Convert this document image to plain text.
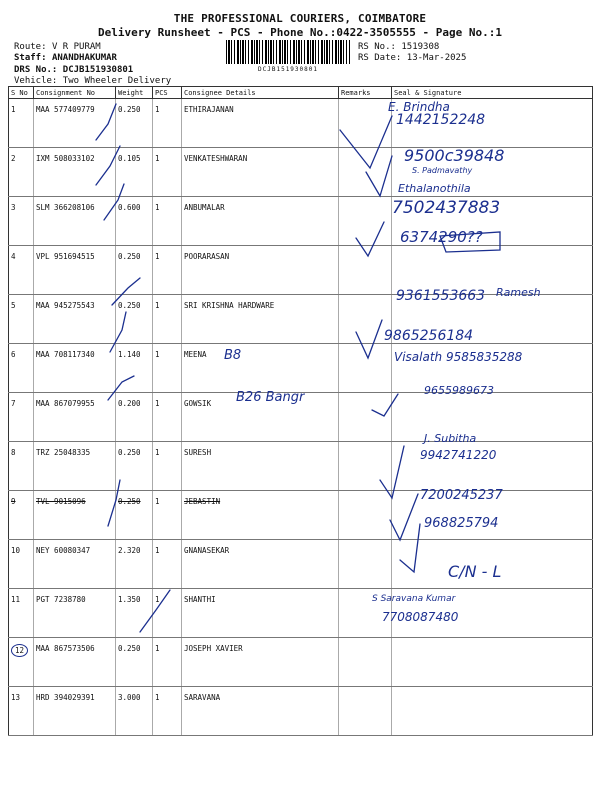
THE PROFESSIONAL COURIERS, COIMBATORE
Delivery Runsheet - PCS - Phone No.:0422-3505555 - Page No.:1
Route: V R PURAM
Staff: ANANDHAKUMAR
DRS No.: DCJB151930801
Vehicle: Two Wheeler Delivery
DCJB151930801
RS No.: 1519308
RS Date: 13-Mar-2025
S No	Consignment No	Weight	PCS	Consignee Details	Remarks	Seal & Signature
1	MAA 577409779	0.250	1	ETHIRAJANAN		
2	IXM 508033102	0.105	1	VENKATESHWARAN		
3	SLM 366208106	0.600	1	ANBUMALAR		
4	VPL 951694515	0.250	1	POORARASAN		
5	MAA 945275543	0.250	1	SRI KRISHNA HARDWARE		
6	MAA 708117340	1.140	1	MEENA		
7	MAA 867079955	0.200	1	GOWSIK		
8	TRZ 25048335	0.250	1	SURESH		
9	TVL 9015096	0.250	1	JEBASTIN		
10	NEY 60080347	2.320	1	GNANASEKAR		
11	PGT 7238780	1.350	1	SHANTHI		
12	MAA 867573506	0.250	1	JOSEPH XAVIER		
13	HRD 394029391	3.000	1	SARAVANA		
E. Brindha
1442152248
9500c39848
S. Padmavathy
Ethalanothila
7502437883
6374290??
9361553663 Ramesh
9865256184
Visalath 9585835288
B8
B26 Bangr	9655989673
J. Subitha
9942741220
7200245237
968825794
C/N - L
S Saravana Kumar
7708087480
